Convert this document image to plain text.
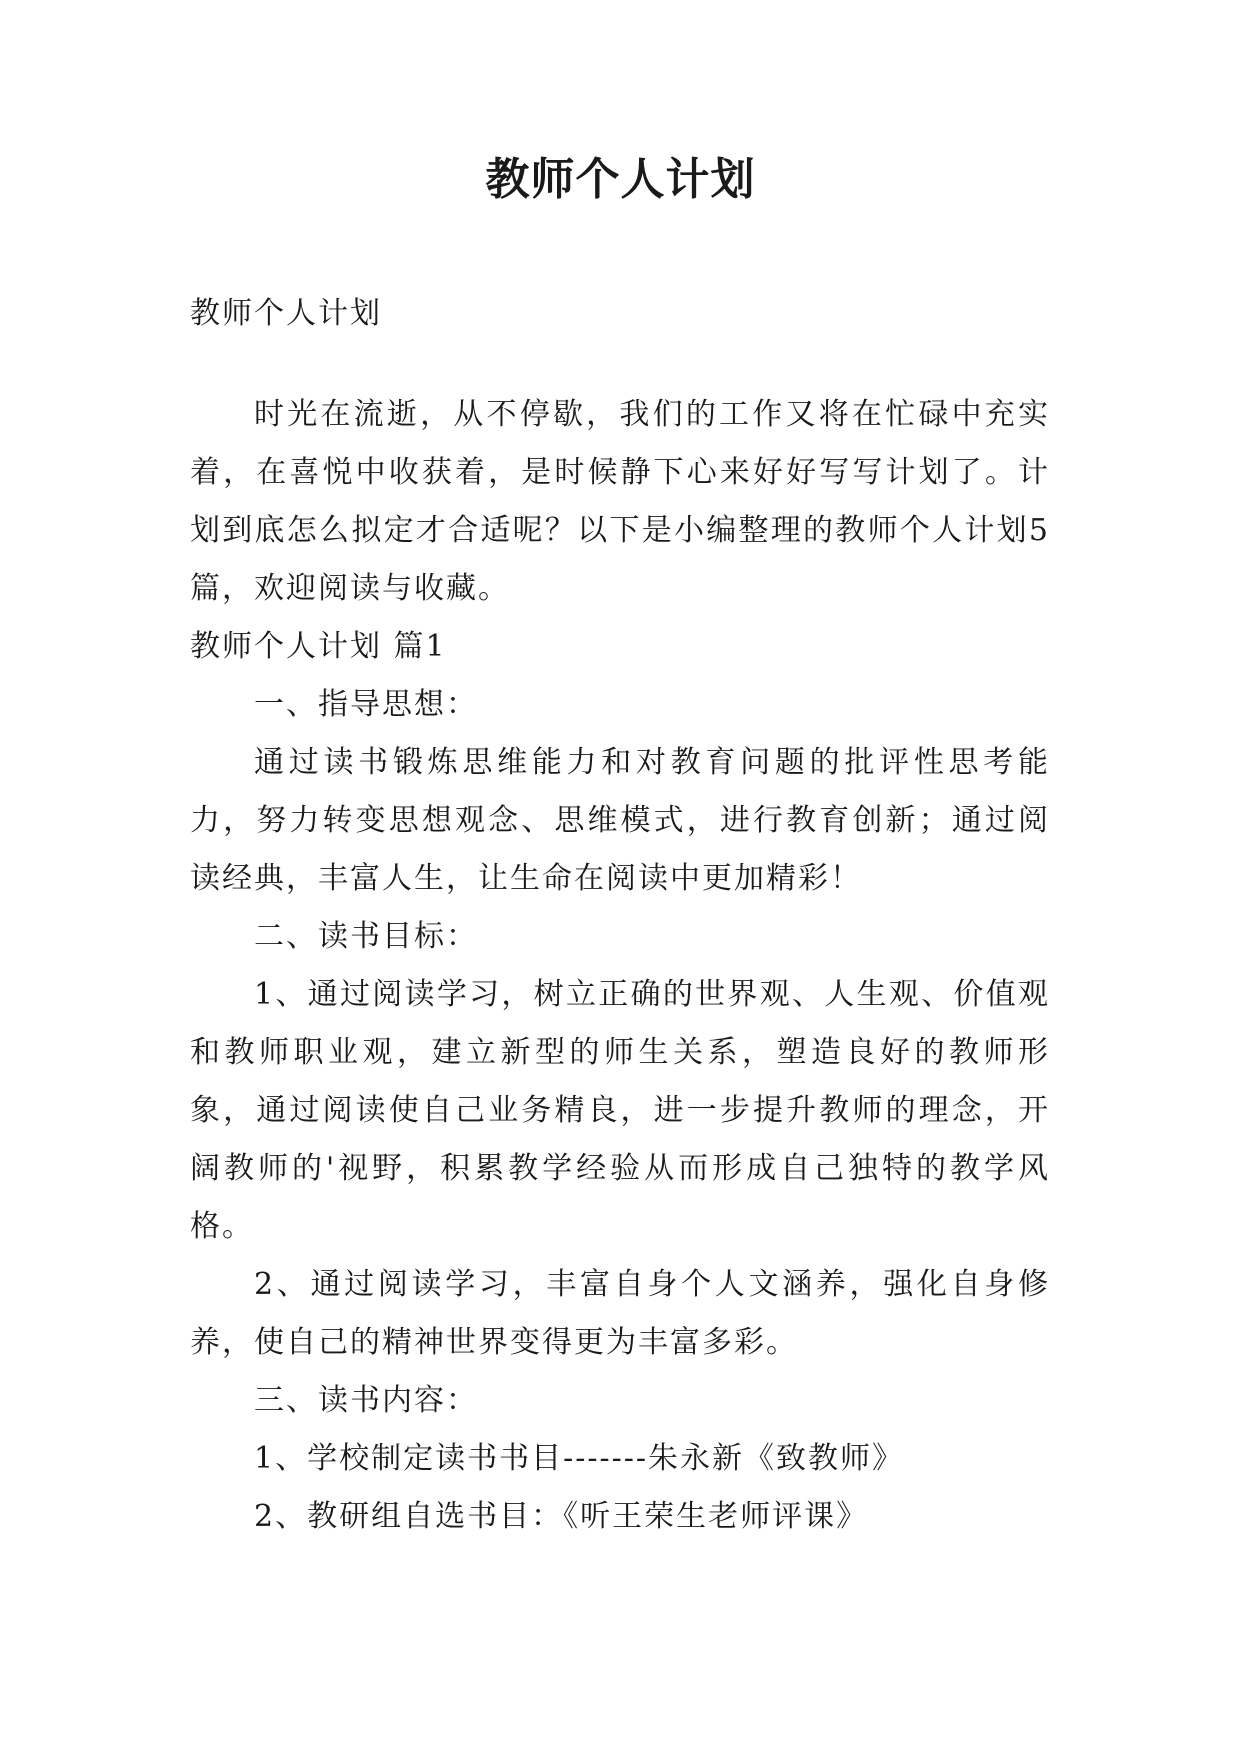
教师个人计划

教师个人计划

时光在流逝，从不停歇，我们的工作又将在忙碌中充实着，在喜悦中收获着，是时候静下心来好好写写计划了。计划到底怎么拟定才合适呢？以下是小编整理的教师个人计划5篇，欢迎阅读与收藏。

教师个人计划 篇1

一、指导思想：

通过读书锻炼思维能力和对教育问题的批评性思考能力，努力转变思想观念、思维模式，进行教育创新；通过阅读经典，丰富人生，让生命在阅读中更加精彩！

二、读书目标：

1、通过阅读学习，树立正确的世界观、人生观、价值观和教师职业观，建立新型的师生关系，塑造良好的教师形象，通过阅读使自己业务精良，进一步提升教师的理念，开阔教师的'视野，积累教学经验从而形成自己独特的教学风格。

2、通过阅读学习，丰富自身个人文涵养，强化自身修养，使自己的精神世界变得更为丰富多彩。

三、读书内容：

1、学校制定读书书目-------朱永新《致教师》

2、教研组自选书目：《听王荣生老师评课》
